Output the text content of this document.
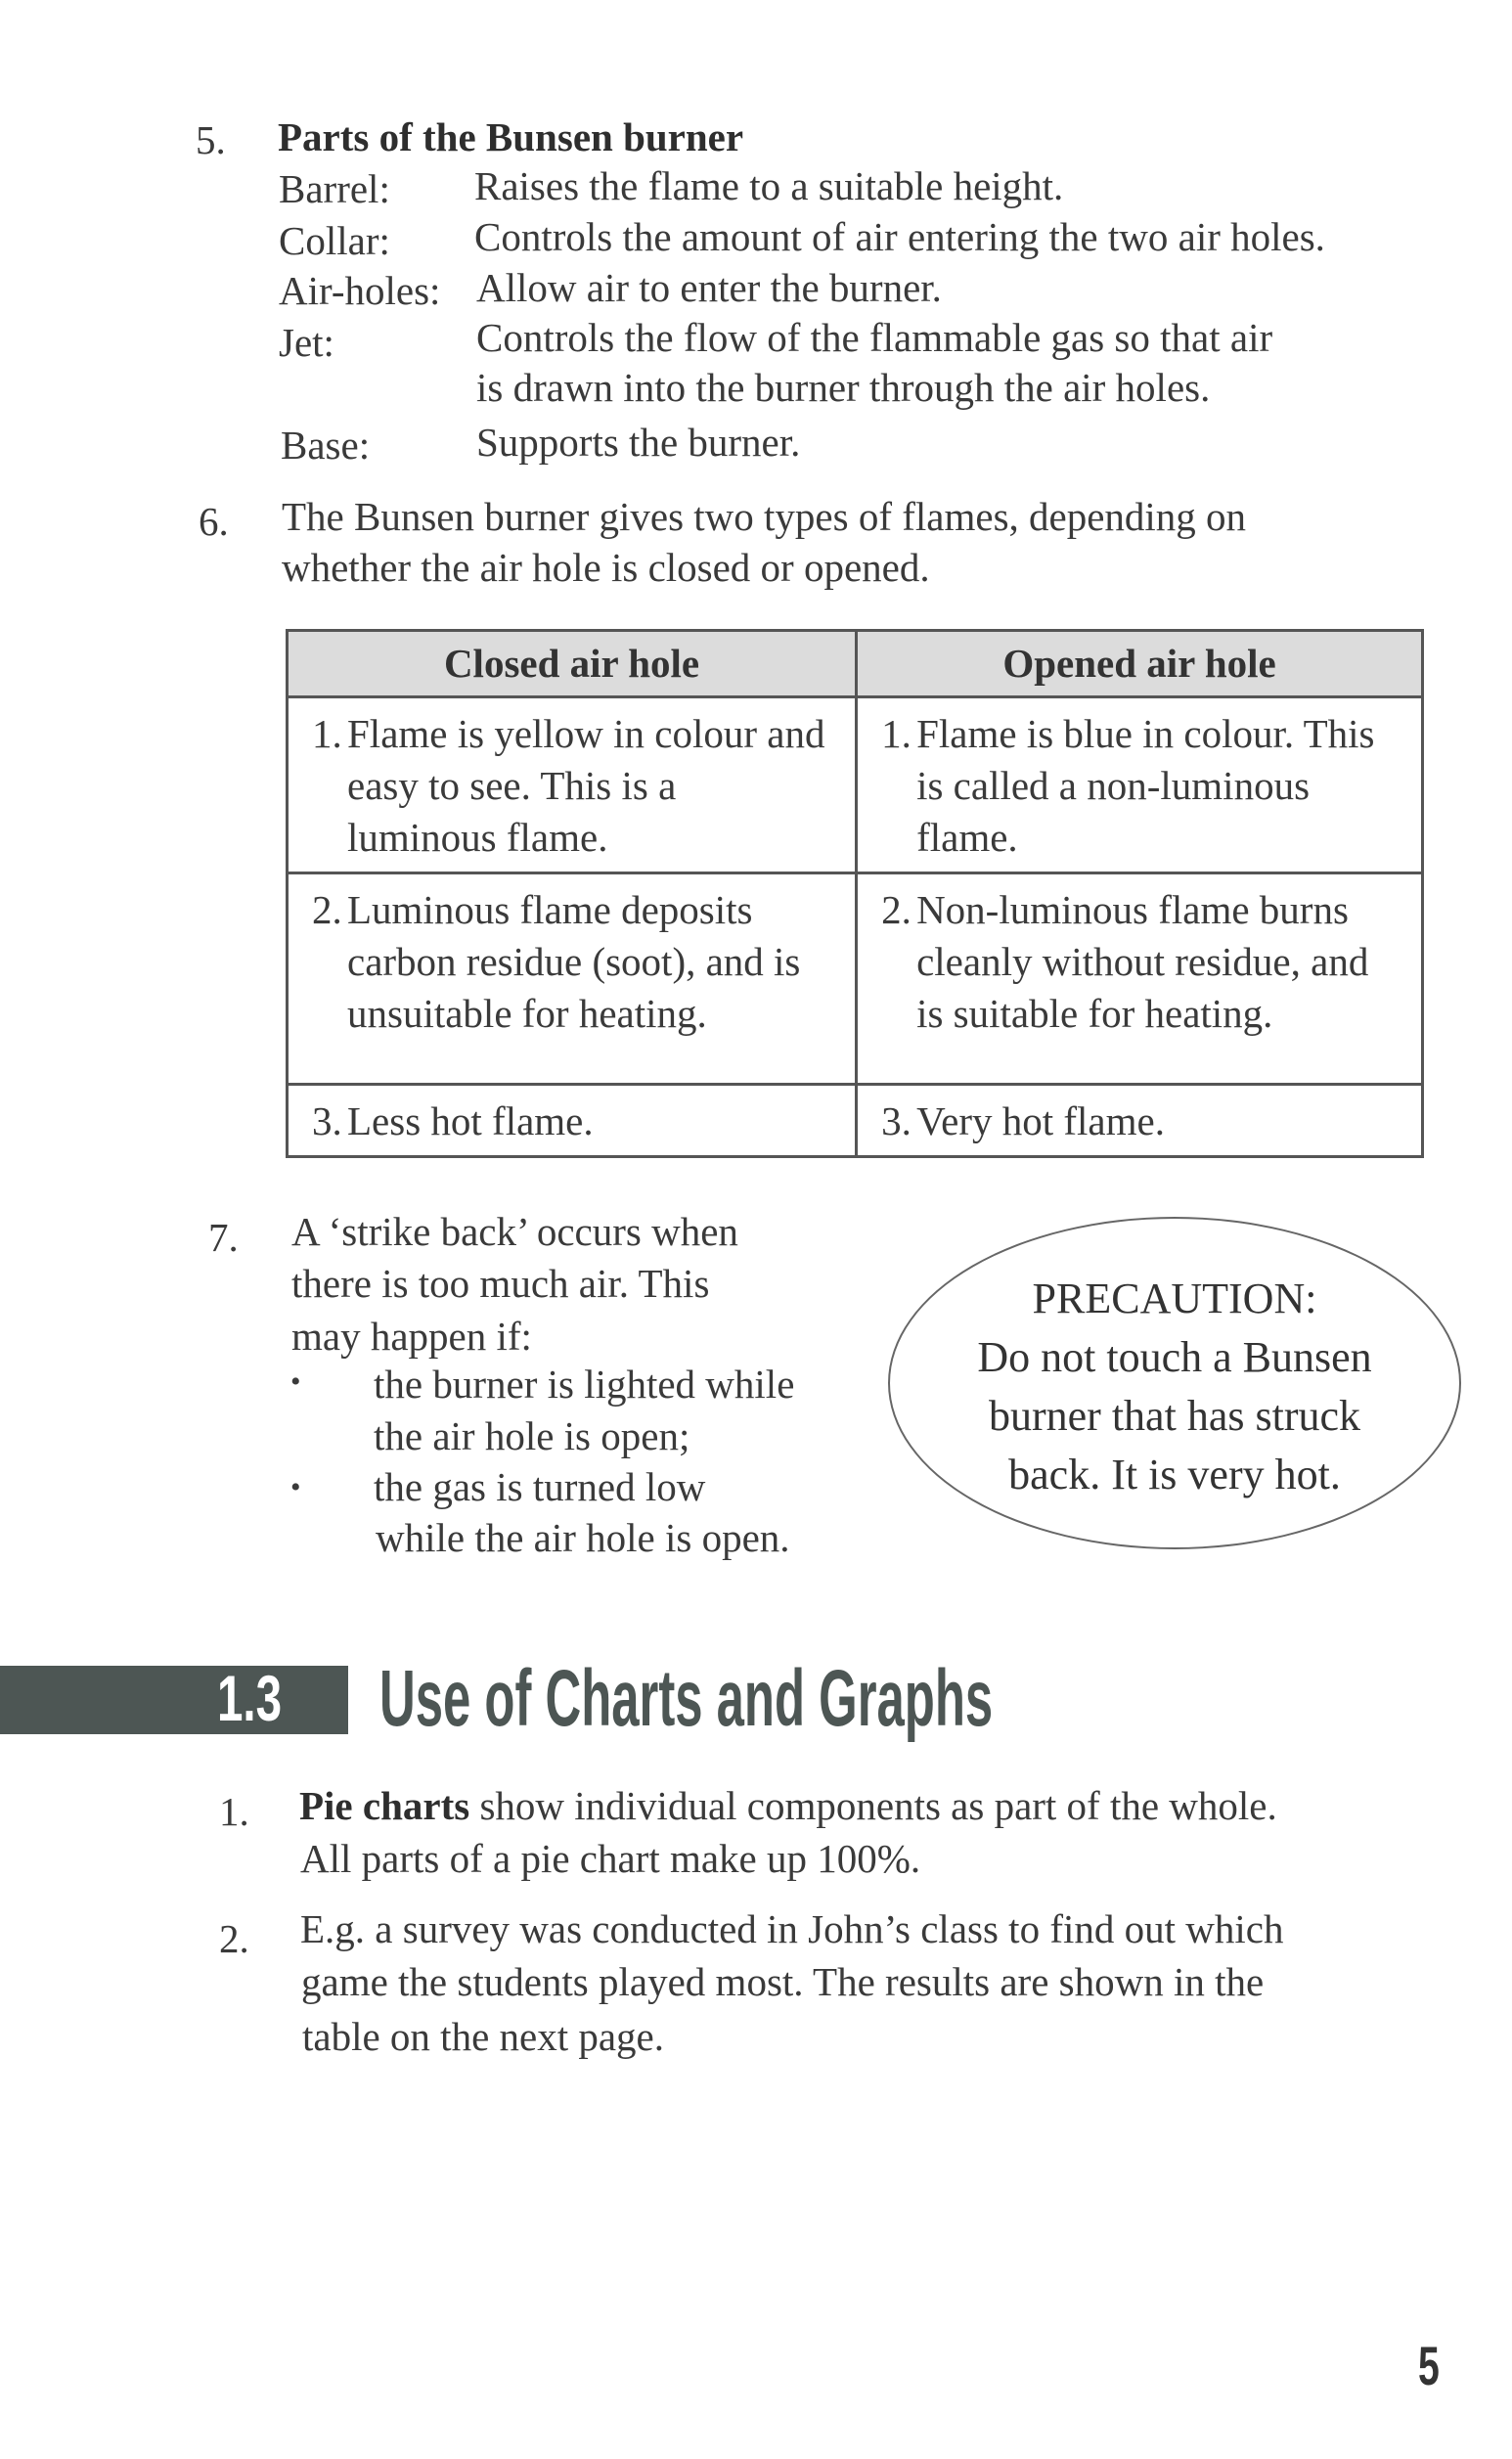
5. Parts of the Bunsen burner
Barrel: Raises the flame to a suitable height.
Collar: Controls the amount of air entering the two air holes.
Air-holes: Allow air to enter the burner.
Jet:	Controls the flow of the flammable gas so that air
is drawn into the burner through the air holes.
Base:	Supports the burner.
6. The Bunsen burner gives two types of flames, depending on
whether the air hole is closed or opened.
Closed air hole	Opened air hole
1. Flame is yellow in colour and easy to see. This is a luminous flame.	1. Flame is blue in colour. This is called a non-luminous flame.
2. Luminous flame deposits carbon residue (soot), and is unsuitable for heating.	2. Non-luminous flame burns cleanly without residue, and is suitable for heating.
3. Less hot flame.	3. Very hot flame.
7. A ‘strike back’ occurs when
there is too much air. This
may happen if:
• the burner is lighted while
the air hole is open;
• the gas is turned low
while the air hole is open.
PRECAUTION:
Do not touch a Bunsen
burner that has struck
back. It is very hot.
1.3 Use of Charts and Graphs
1. Pie charts show individual components as part of the whole.
All parts of a pie chart make up 100%.
2. E.g. a survey was conducted in John’s class to find out which
game the students played most. The results are shown in the
table on the next page.
5
